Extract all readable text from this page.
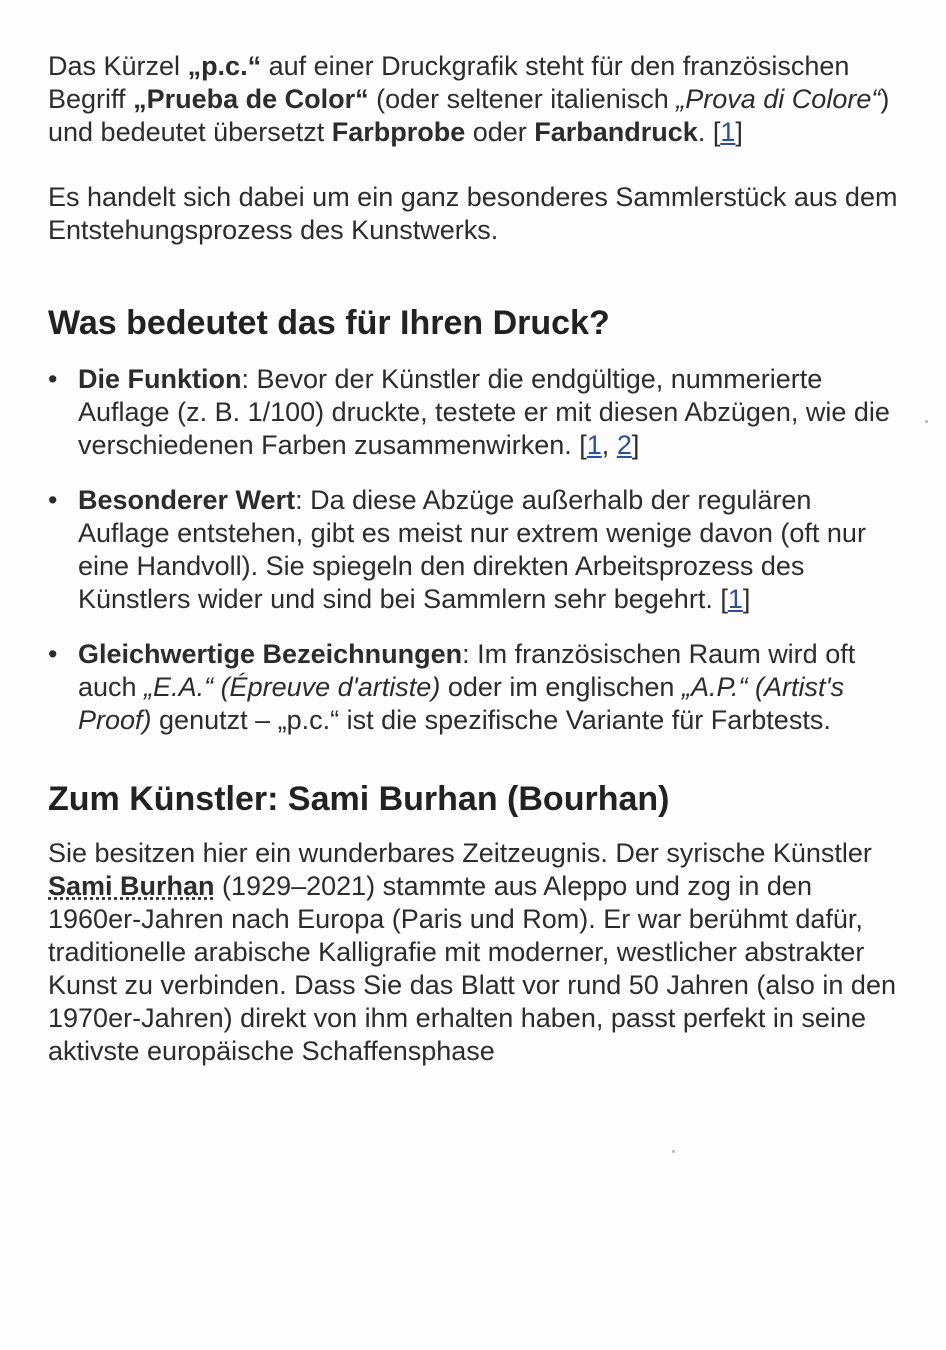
Das Kürzel „p.c.“ auf einer Druckgrafik steht für den französischen Begriff „Prueba de Color“ (oder seltener italienisch „Prova di Colore“) und bedeutet übersetzt Farbprobe oder Farbandruck. [1]

Es handelt sich dabei um ein ganz besonderes Sammlerstück aus dem Entstehungsprozess des Kunstwerks.

Was bedeutet das für Ihren Druck?
• Die Funktion: Bevor der Künstler die endgültige, nummerierte Auflage (z. B. 1/100) druckte, testete er mit diesen Abzügen, wie die verschiedenen Farben zusammenwirken. [1, 2]
• Besonderer Wert: Da diese Abzüge außerhalb der regulären Auflage entstehen, gibt es meist nur extrem wenige davon (oft nur eine Handvoll). Sie spiegeln den direkten Arbeitsprozess des Künstlers wider und sind bei Sammlern sehr begehrt. [1]
• Gleichwertige Bezeichnungen: Im französischen Raum wird oft auch „E.A.“ (Épreuve d'artiste) oder im englischen „A.P.“ (Artist's Proof) genutzt – „p.c.“ ist die spezifische Variante für Farbtests.
Zum Künstler: Sami Burhan (Bourhan)

Sie besitzen hier ein wunderbares Zeitzeugnis. Der syrische Künstler Sami Burhan (1929–2021) stammte aus Aleppo und zog in den 1960er-Jahren nach Europa (Paris und Rom). Er war berühmt dafür, traditionelle arabische Kalligrafie mit moderner, westlicher abstrakter Kunst zu verbinden. Dass Sie das Blatt vor rund 50 Jahren (also in den 1970er-Jahren) direkt von ihm erhalten haben, passt perfekt in seine aktivste europäische Schaffensphase
